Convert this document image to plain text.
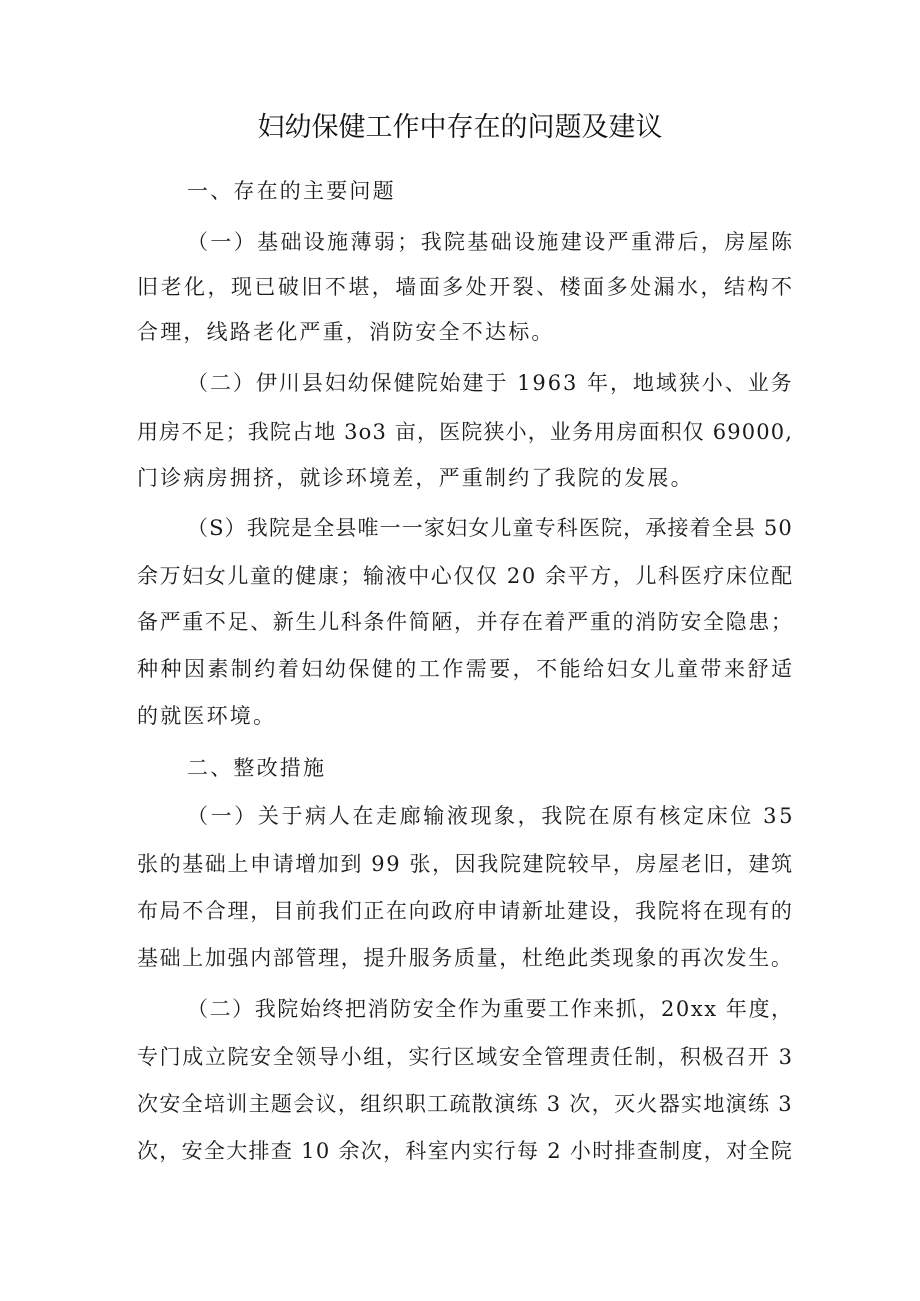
妇幼保健工作中存在的问题及建议
一、存在的主要问题
（一）基础设施薄弱；我院基础设施建设严重滞后，房屋陈
旧老化，现已破旧不堪，墙面多处开裂、楼面多处漏水，结构不
合理，线路老化严重，消防安全不达标。
（二）伊川县妇幼保健院始建于 1963 年，地域狭小、业务
用房不足；我院占地 3o3 亩，医院狭小，业务用房面积仅 69000,
门诊病房拥挤，就诊环境差，严重制约了我院的发展。
（S）我院是全县唯一一家妇女儿童专科医院，承接着全县 50
余万妇女儿童的健康；输液中心仅仅 20 余平方，儿科医疗床位配
备严重不足、新生儿科条件简陋，并存在着严重的消防安全隐患；
种种因素制约着妇幼保健的工作需要，不能给妇女儿童带来舒适
的就医环境。
二、整改措施
（一）关于病人在走廊输液现象，我院在原有核定床位 35
张的基础上申请增加到 99 张，因我院建院较早，房屋老旧，建筑
布局不合理，目前我们正在向政府申请新址建设，我院将在现有的
基础上加强内部管理，提升服务质量，杜绝此类现象的再次发生。
（二）我院始终把消防安全作为重要工作来抓，20xx 年度，
专门成立院安全领导小组，实行区域安全管理责任制，积极召开 3
次安全培训主题会议，组织职工疏散演练 3 次，灭火器实地演练 3
次，安全大排查 10 余次，科室内实行每 2 小时排查制度，对全院
